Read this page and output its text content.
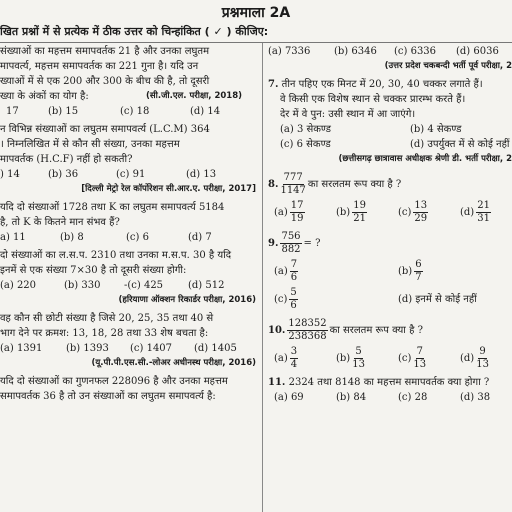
प्रश्नमाला 2A
खित प्रश्नों में से प्रत्येक में ठीक उत्तर को चिन्हांकित ( ✓ ) कीजिए:
संख्याओं का महत्तम समापवर्तक 21 है और उनका लघुतम
मापवर्त्य, महत्तम समापवर्तक का 221 गुना है। यदि उन
ख्याओं में से एक 200 और 300 के बीच की है, तो दूसरी
ख्या के अंकों का योग है:	(सी.जी.एल. परीक्षा, 2018)
17	(b) 15	(c) 18	(d) 14
न विभिन्न संख्याओं का लघुतम समापवर्त्य (L.C.M) 364
। निम्नलिखित में से कौन सी संख्या, उनका महत्तम
मापवर्तक (H.C.F) नहीं हो सकती?
) 14	(b) 36	(c) 91	(d) 13
[दिल्ली मेट्रो रेल कॉर्पोरेशन सी.आर.ए. परीक्षा, 2017]
यदि दो संख्याओं 1728 तथा K का लघुतम समापवर्त्य 5184
है, तो K के कितने मान संभव हैं?
a) 11	(b) 8	(c) 6	(d) 7
दो संख्याओं का ल.स.प. 2310 तथा उनका म.स.प. 30 है यदि
इनमें से एक संख्या 7×30 है तो दूसरी संख्या होगी:
(a) 220	(b) 330 -(c) 425 (d) 512
(हरियाणा ऑक्शन रिकार्डर परीक्षा, 2016)
वह कौन सी छोटी संख्या है जिसे 20, 25, 35 तथा 40 से
भाग देने पर क्रमश: 13, 18, 28 तथा 33 शेष बचता है:
(a) 1391 (b) 1393 (c) 1407 (d) 1405
(यू.पी.पी.एस.सी.-लोअर अधीनस्थ परीक्षा, 2016)
यदि दो संख्याओं का गुणनफल 228096 है और उनका महत्तम
समापवर्तक 36 है तो उन संख्याओं का लघुतम समापवर्त्य है:
(a) 7336 (b) 6346 (c) 6336 (d) 6036
(उत्तर प्रदेश चकबन्दी भर्ती पूर्व परीक्षा, 2
7. तीन पहिए एक मिनट में 20, 30, 40 चक्कर लगाते हैं।
वे किसी एक विशेष स्थान से चक्कर प्रारम्भ करते हैं।
देर में वे पुन: उसी स्थान में आ जाएंगे।
(a) 3 सेकण्ड	(b) 4 सेकण्ड
(c) 6 सेकण्ड	(d) उपर्युक्त में से कोई नहीं
(छत्तीसगढ़ छात्रावास अधीक्षक श्रेणी डी. भर्ती परीक्षा, 2
8. $\frac{777}{1147}$ का सरलतम रूप क्या है ?
$(a) \frac{17}{19}$	$(b) \frac{19}{21}$	$(c) \frac{13}{29}$	$(d) \frac{21}{31}$
9. $\frac{756}{882}$ = ?
$(a) \frac{7}{6}$	$(b) \frac{6}{7}$
$(c) \frac{5}{6}$	(d) इनमें से कोई नहीं
10. $\frac{128352}{238368}$ का सरलतम रूप क्या है ?
$(a) \frac{3}{4}$	$(b) \frac{5}{13}$	$(c) \frac{7}{13}$	$(d) \frac{9}{13}$
11. 2324 तथा 8148 का महत्तम समापवर्तक क्या होगा ?
(a) 69	(b) 84	(c) 28	(d) 38
